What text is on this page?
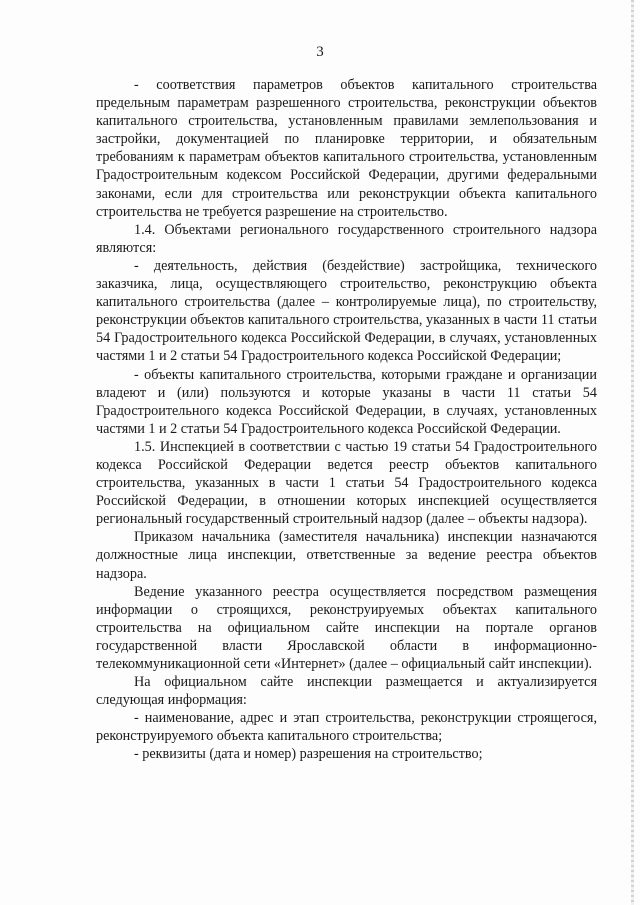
3

- соответствия параметров объектов капитального строительства предельным параметрам разрешенного строительства, реконструкции объектов капитального строительства, установленным правилами землепользования и застройки, документацией по планировке территории, и обязательным требованиям к параметрам объектов капитального строительства, установленным Градостроительным кодексом Российской Федерации, другими федеральными законами, если для строительства или реконструкции объекта капитального строительства не требуется разрешение на строительство.

1.4. Объектами регионального государственного строительного надзора являются:

- деятельность, действия (бездействие) застройщика, технического заказчика, лица, осуществляющего строительство, реконструкцию объекта капитального строительства (далее – контролируемые лица), по строительству, реконструкции объектов капитального строительства, указанных в части 11 статьи 54 Градостроительного кодекса Российской Федерации, в случаях, установленных частями 1 и 2 статьи 54 Градостроительного кодекса Российской Федерации;

- объекты капитального строительства, которыми граждане и организации владеют и (или) пользуются и которые указаны в части 11 статьи 54 Градостроительного кодекса Российской Федерации, в случаях, установленных частями 1 и 2 статьи 54 Градостроительного кодекса Российской Федерации.

1.5. Инспекцией в соответствии с частью 19 статьи 54 Градостроительного кодекса Российской Федерации ведется реестр объектов капитального строительства, указанных в части 1 статьи 54 Градостроительного кодекса Российской Федерации, в отношении которых инспекцией осуществляется региональный государственный строительный надзор (далее – объекты надзора).

Приказом начальника (заместителя начальника) инспекции назначаются должностные лица инспекции, ответственные за ведение реестра объектов надзора.

Ведение указанного реестра осуществляется посредством размещения информации о строящихся, реконструируемых объектах капитального строительства на официальном сайте инспекции на портале органов государственной власти Ярославской области в информационно-телекоммуникационной сети «Интернет» (далее – официальный сайт инспекции).

На официальном сайте инспекции размещается и актуализируется следующая информация:

- наименование, адрес и этап строительства, реконструкции строящегося, реконструируемого объекта капитального строительства;

- реквизиты (дата и номер) разрешения на строительство;
